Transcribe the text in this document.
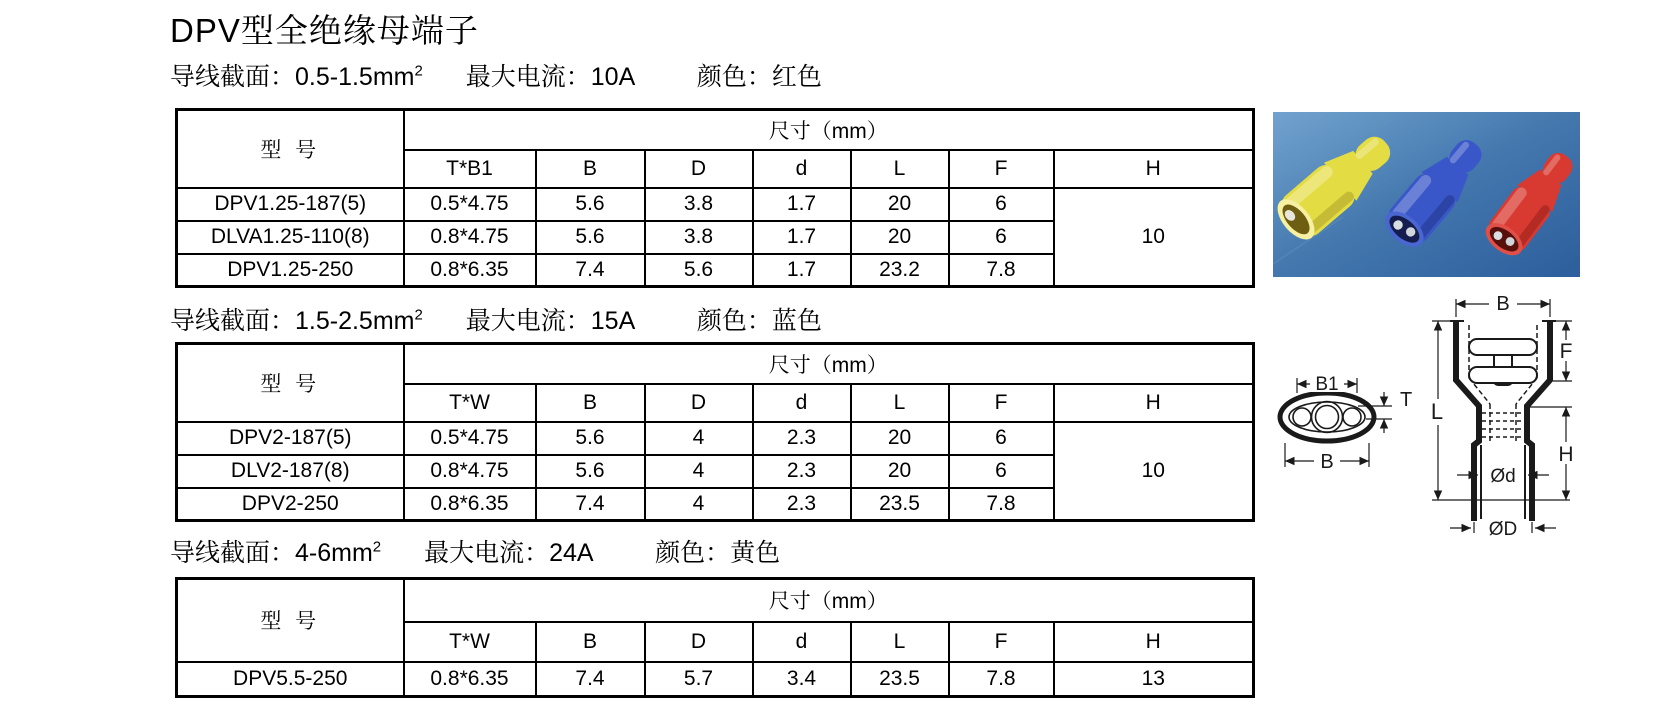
DPV型全绝缘母端子
导线截面：$0.5-1.5mm^2$ 最大电流：10A	颜色：红色
型 号	尺寸（mm）						
	T*B1	B	D	d	L	F	H
DPV1.25-187(5)	0.5*4.75	5.6	3.8	1.7	20	6	10
DLVA1.25-110(8)	0.8*4.75	5.6	3.8	1.7	20	6	
DPV1.25-250	0.8*6.35	7.4	5.6	1.7	23.2	7.8	
导线截面：$1.5-2.5mm^2$ 最大电流：15A	颜色：蓝色
型 号	尺寸（mm）						
	T*W	B	D	d	L	F	H
DPV2-187(5)	0.5*4.75	5.6	4	2.3	20	6	10
DLV2-187(8)	0.8*4.75	5.6	4	2.3	20	6	
DPV2-250	0.8*6.35	7.4	4	2.3	23.5	7.8	
导线截面：$4-6mm^2$ 最大电流：24A	颜色：黄色
型 号	尺寸（mm）						
	T*W	B	D	d	L	F	H
DPV5.5-250	0.8*6.35	7.4	5.7	3.4	23.5	7.8	13
B1
B
T
B
L
F
H
Ød
ØD
